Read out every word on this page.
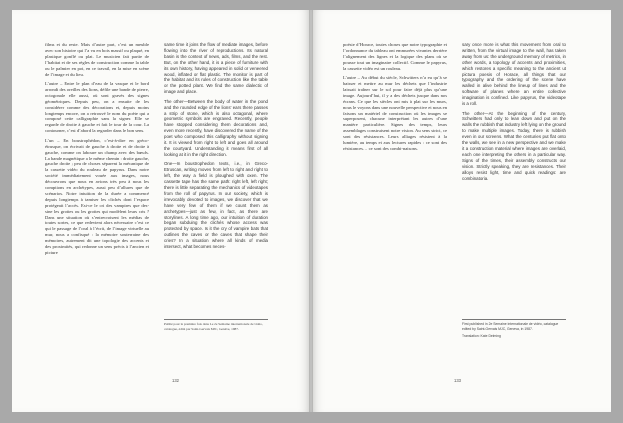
films et du reste. Mais d’autre part, c’est un meuble avec son histoire qui l’a vu en bois massif ou plaqué, en plastique gonflé ou plat. Le musicien fait partie de l’habitat et de ses règles de construction comme la table ou le palmier en pot, en ce travail, en la mise en scène de l’image et du lieu.

L’autre – Entre le plan d’eau de la vasque et le bord arrondi des oreilles des lions, défile une bande de pierre, octogonale elle aussi, où sont gravés des signes géométriques. Depuis peu, on a ensuite de les considérer comme des décorations et, depuis moins longtemps encore, on a retrouvé le nom du poète qui a composé cette calligraphie sans la signer. Elle se regarde de droite à gauche et fait le tour de la cour. La contourner, c’est d’abord la regarder dans le bon sens.

L’un – En boustrophédon, c’est-à-dire en gréco-étrusque, on écrivait de gauche à droite et de droite à gauche, comme on laboure un champ avec des bœufs. La bande magnétique a le même chemin : droite gauche, gauche droite ; peu de choses séparent la mécanique de la cassette vidéo du rouleau de papyrus. Dans notre société immédiatement vouée aux images, nous découvrons que nous en avions très peu à nous les comptions en archétypes, aussi peu d’allures que de scénarios. Notre intuition de la durée a commencé depuis longtemps à tamiser les clichés dont l’espace protégeait l’accès. Est-ce le cri des vampires que des- sine les grottes ou les grottes qui modèlent leurs cris ? Dans une situation où s’entrecroisent les médias de toutes sortes, ce que redevient alors nécessaire c’est ce qui le passage de l’oral à l’écrit, de l’image virtuelle au mur, nous a confisqué : la mémoire souterraine des mémoires, autrement dit une topologie des accents et des proximités, qui redonne un sens précis à l’ancien et picture

same time it joins the flow of mediate images, before flowing into the river of reproductions. Its natural basin is the context of news, ads, films, and the rest. But, on the other hand, it is a piece of furniture with its own history, having appeared in solid or veneered wood, inflated or flat plastic. The monitor is part of the habitat and its rules of construction like the table or the potted plant. We find the same dialectic of image and place.

The other—Between the body of water in the pond and the rounded edge of the lions’ ears there passes a strip of stone, which is also octagonal, where geometric symbols are engraved. Recently, people have stopped considering them decorations and, even more recently, have discovered the name of the poet who composed this calligraphy without signing it. It is viewed from right to left and goes all around the courtyard. Understanding it means first of all looking at it in the right direction.

One—In boustrophedon texts, i.e., in Greco-Etruscan, writing moves from left to right and right to left, the way a field is ploughed with oxen. The cassette tape has the same path: right left, left right; there is little separating the mechanics of videotapes from the roll of papyrus. In our society, which is irrevocably devoted to images, we discover that we have very few of them if we count them as archetypes—just as few, in fact, as there are storylines. A long time ago, our intuition of duration began subduing the clichés whose access was protected by space. Is it the cry of vampire bats that outlines the caves or the caves that shape their cries? In a situation where all kinds of media intersect, what becomes neces-

Publié pour la première fois dans Le 2e Semaine internationale de vidéo,
catalogue, édité par Saint-Gervais MJC, Genève, 1987.
132

poésie d’Horace, toutes choses que notre typographie et l’ordonnance du tableau ont emmurées vivantes derrière l’alignement des lignes et la logique des plans où se pousse tout un imaginaire collectif. Comme le papyrus, la cassette vidéo est un rouleau.

L’autre – Au début du siècle, Schwitters n’a eu qu’à se baisser et mettre au mur les déchets que l’industrie laissait traîner sur le sol pour faire déjà plus qu’une image. Aujourd’hui, il y a des déchets jusque dans nos écrans. Ce que les siècles ont mis à plat sur les murs, nous le voyons dans une nouvelle perspective et nous en faisons un matériel de construction où les images se superposent, chacune interprétant les autres d’une manière particulière. Signes des temps, leurs assemblages construisent notre vision. Au sens strict, ce sont des résistances. Leurs alliages résistent à la lumière, au temps et aux lectures rapides : ce sont des résistances… ce sont des combi-naisons.

sary once more is what this movement from oral to written, from the virtual image to the wall, has taken away from us: the underground memory of metrics, in other words, a topology of accents and proximities, which restores a specific meaning to the ancient ut pictura poesis of Horace, all things that our typography and the ordering of the scene have walled in alive behind the lineup of lines and the software of planes where an entire collective imagination is confined. Like papyrus, the videotape is a roll.

The other—At the beginning of the century, Schwitters had only to lean down and put on the walls the rubbish that industry left lying on the ground to make multiple images. Today, there is rubbish even in our screens. What the centuries put flat onto the walls, we see in a new perspective and we make it a construction material where images are overlaid, each one interpreting the others in a particular way. Signs of the times, their assembly constructs our vision. Strictly speaking, they are resistances. Their alloys resist light, time and quick readings: are combinatoria.

First published in 2e Semaine internationale de vidéo, catalogue
edited by Saint-Gervais MJC, Geneva, in 1987.
Translation: Kate Delming
133
